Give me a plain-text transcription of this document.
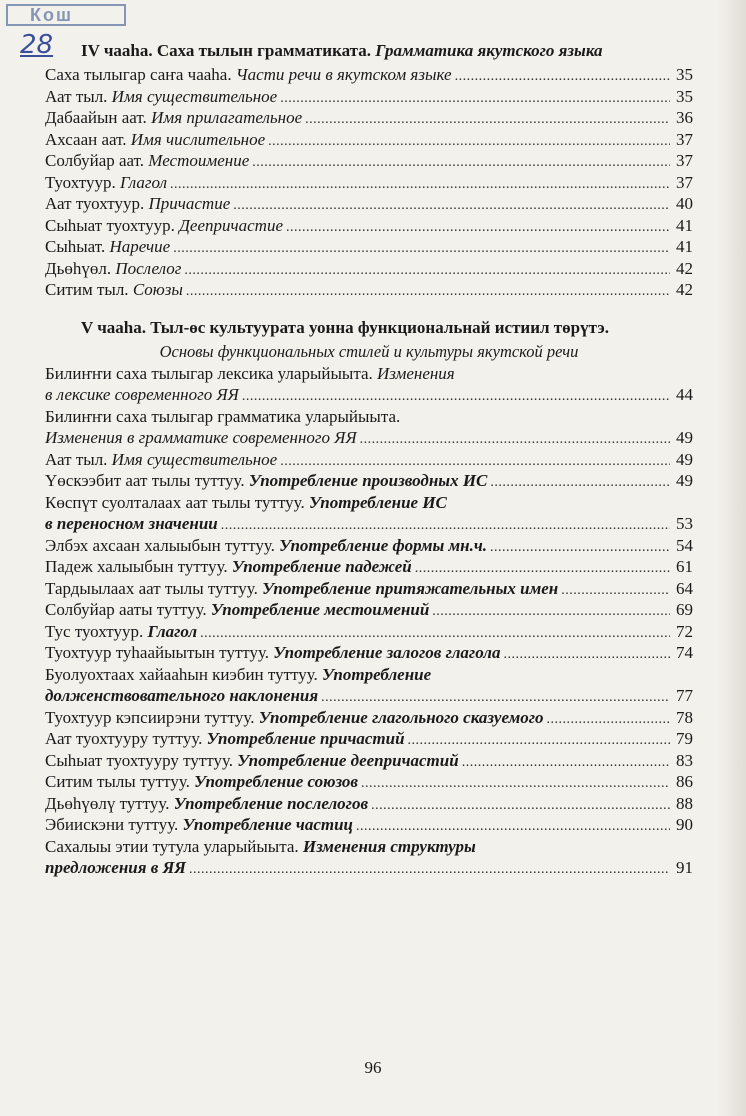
Кош
28	IV чааhа. Саха тылын грамматиката. Грамматика якутского языка
Саха тылыгар саҥа чааhа. Части речи в якутском языке .....	35
Аат тыл. Имя существительное .....	35
Дабаайын аат. Имя прилагательное .....	36
Ахсаан аат. Имя числительное .....	37
Солбуйар аат. Местоимение .....	37
Туохтуур. Глагол .....	37
Аат туохтуур. Причастие .....	40
Сыhыат туохтуур. Деепричастие .....	41
Сыhыат. Наречие .....	41
Дьөhүөл. Послелог .....	42
Ситим тыл. Союзы .....	42
V чааhа. Тыл-өс культуурата уонна функциональнай истиил төрүтэ.
Основы функциональных стилей и культуры якутской речи
Билиҥҥи саха тылыгар лексика уларыйыыта. Изменения
в лексике современного ЯЯ .....	44
Билиҥҥи саха тылыгар грамматика уларыйыыта.
Изменения в грамматике современного ЯЯ .....	49
Аат тыл. Имя существительное .....	49
Үөскээбит аат тылы туттуу. Употребление производных ИС .....	49
Көспүт суолталаах аат тылы туттуу. Употребление ИС
в переносном значении .....	53
Элбэх ахсаан халыыбын туттуу. Употребление формы мн.ч. .....	54
Падеж халыыбын туттуу. Употребление падежей .....	61
Тардыылаах аат тылы туттуу. Употребление притяжательных имен .....	64
Солбуйар ааты туттуу. Употребление местоимений .....	69
Тус туохтуур. Глагол .....	72
Туохтуур туhаайыытын туттуу. Употребление залогов глагола .....	74
Буолуохтаах хайааhын киэбин туттуу. Употребление
долженствовательного наклонения .....	77
Туохтуур кэпсиирэни туттуу. Употребление глагольного сказуемого .....	78
Аат туохтууру туттуу. Употребление причастий .....	79
Сыhыат туохтууру туттуу. Употребление деепричастий .....	83
Ситим тылы туттуу. Употребление союзов .....	86
Дьөhүөлү туттуу. Употребление послелогов .....	88
Эбиискэни туттуу. Употребление частиц .....	90
Сахалыы этии тутула уларыйыыта. Изменения структуры
предложения в ЯЯ .....	91
96
